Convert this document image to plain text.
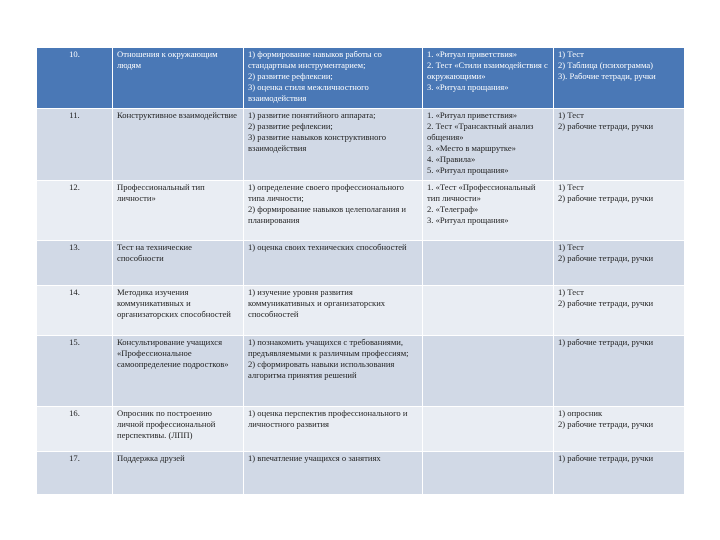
10.	Отношения к окружающим людям	1) формирование навыков работы со стандартным инструментарием;
2) развитие рефлексии;
3) оценка стиля межличностного взаимодействия	1. «Ритуал приветствия»
2. Тест «Стили взаимодействия с окружающими»
3. «Ритуал прощания»	1) Тест
2) Таблица (психограмма)
3). Рабочие тетради, ручки

11.	Конструктивное взаимодействие	1) развитие понятийного аппарата;
2) развитие рефлексии;
3) развитие навыков конструктивного взаимодействия	1. «Ритуал приветствия»
2. Тест «Трансактный анализ общения»
3. «Место в маршрутке»
4. «Правила»
5. «Ритуал прощания»	1) Тест
2) рабочие тетради, ручки

12.	Профессиональный тип личности»	1) определение своего профессионального типа личности;
2) формирование навыков целеполагания и планирования	1. «Тест «Профессиональный тип личности»
2. «Телеграф»
3. «Ритуал прощания»	1) Тест
2) рабочие тетради, ручки

13.	Тест на технические способности	1) оценка своих технических способностей		1) Тест
2) рабочие тетради, ручки

14.	Методика изучения коммуникативных и организаторских способностей	1) изучение уровня развития коммуникативных и организаторских способностей		1) Тест
2) рабочие тетради, ручки

15.	Консультирование учащихся «Профессиональное самоопределение подростков»	1) познакомить учащихся с требованиями, предъявляемыми к различным профессиям;
2) сформировать навыки использования алгоритма принятия решений		1) рабочие тетради, ручки

16.	Опросник по построению личной профессиональной перспективы. (ЛПП)	1) оценка перспектив профессионального и личностного развития		1) опросник
2) рабочие тетради, ручки

17.	Поддержка друзей	1) впечатление учащихся о занятиях		1) рабочие тетради, ручки
